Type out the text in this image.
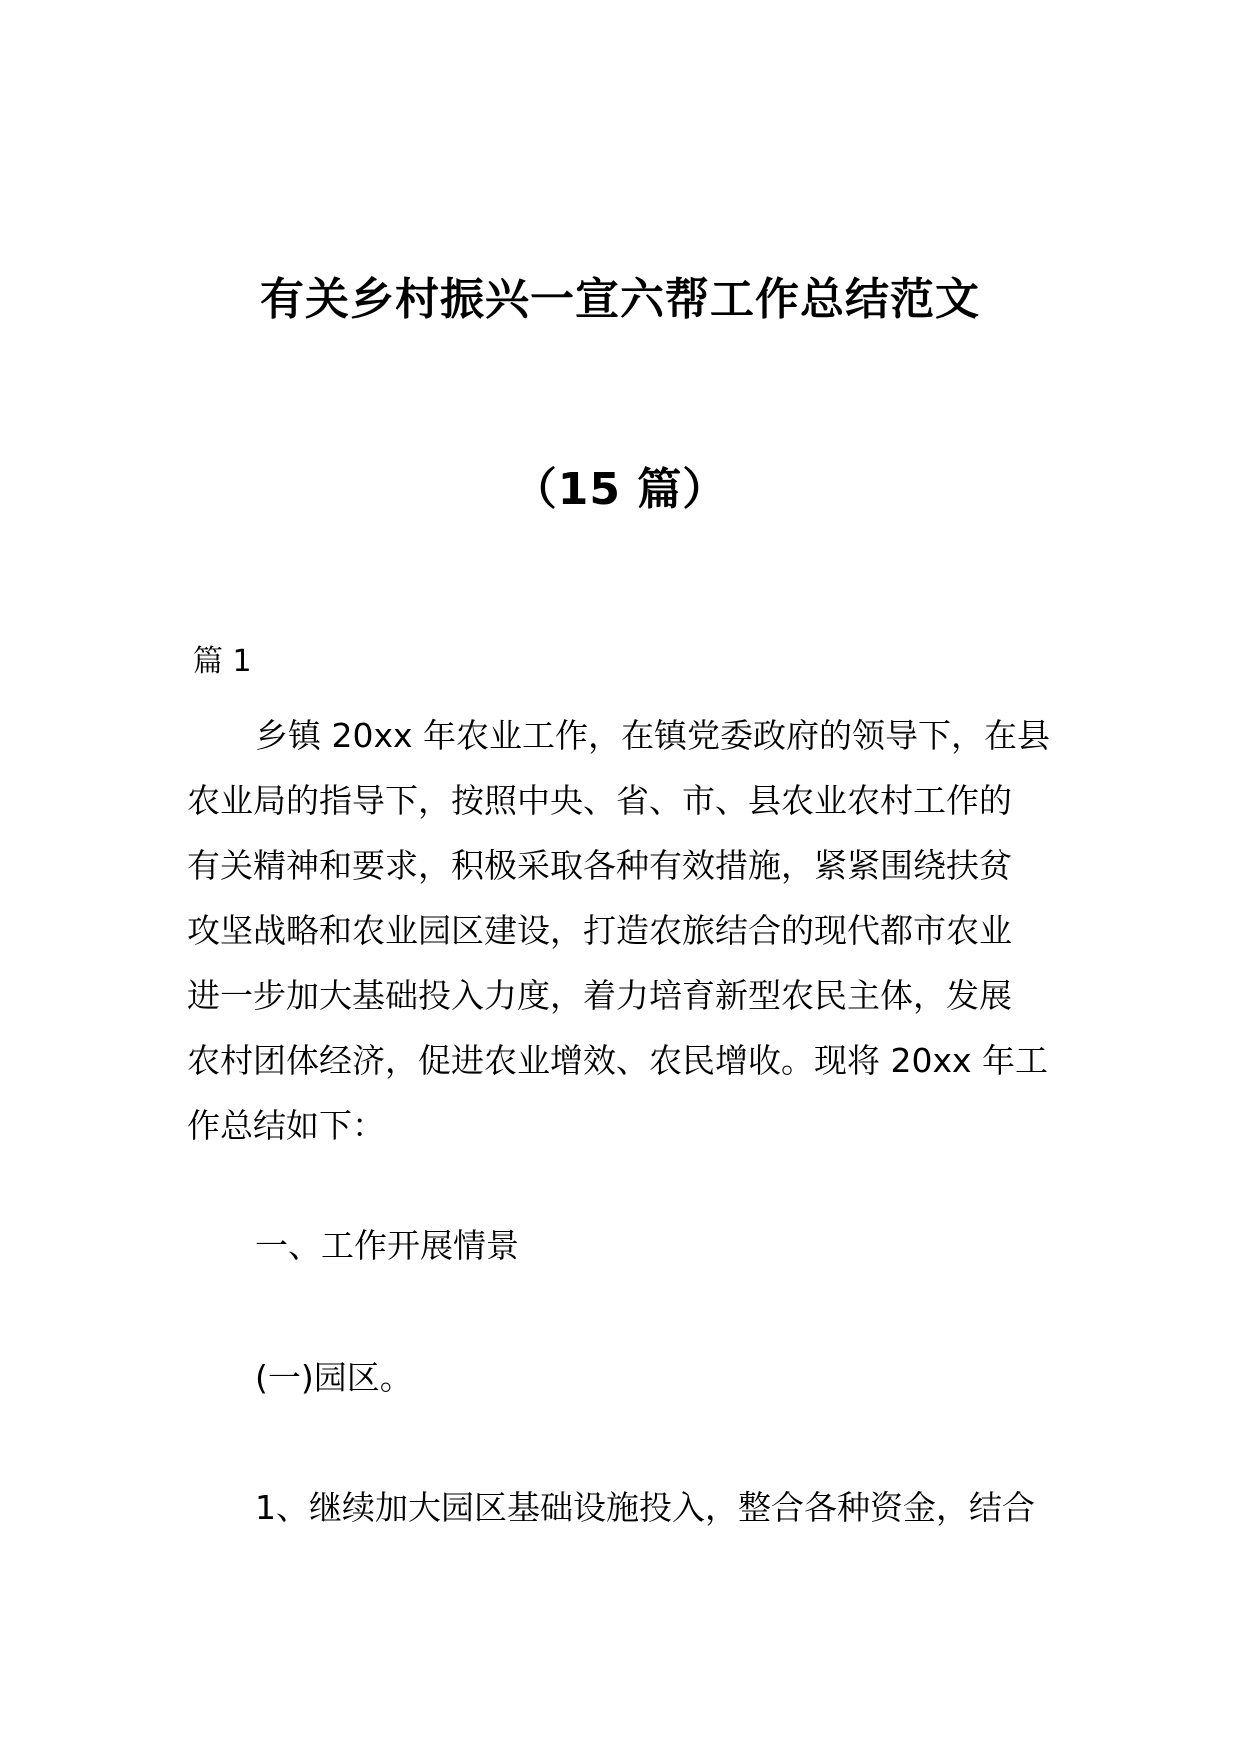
有关乡村振兴一宣六帮工作总结范文
（15 篇）
篇 1
乡镇 20xx 年农业工作，在镇党委政府的领导下，在县
农业局的指导下，按照中央、省、市、县农业农村工作的
有关精神和要求，积极采取各种有效措施，紧紧围绕扶贫
攻坚战略和农业园区建设，打造农旅结合的现代都市农业
进一步加大基础投入力度，着力培育新型农民主体，发展
农村团体经济，促进农业增效、农民增收。现将 20xx 年工
作总结如下：
一、工作开展情景
(一)园区。
1、继续加大园区基础设施投入，整合各种资金，结合
